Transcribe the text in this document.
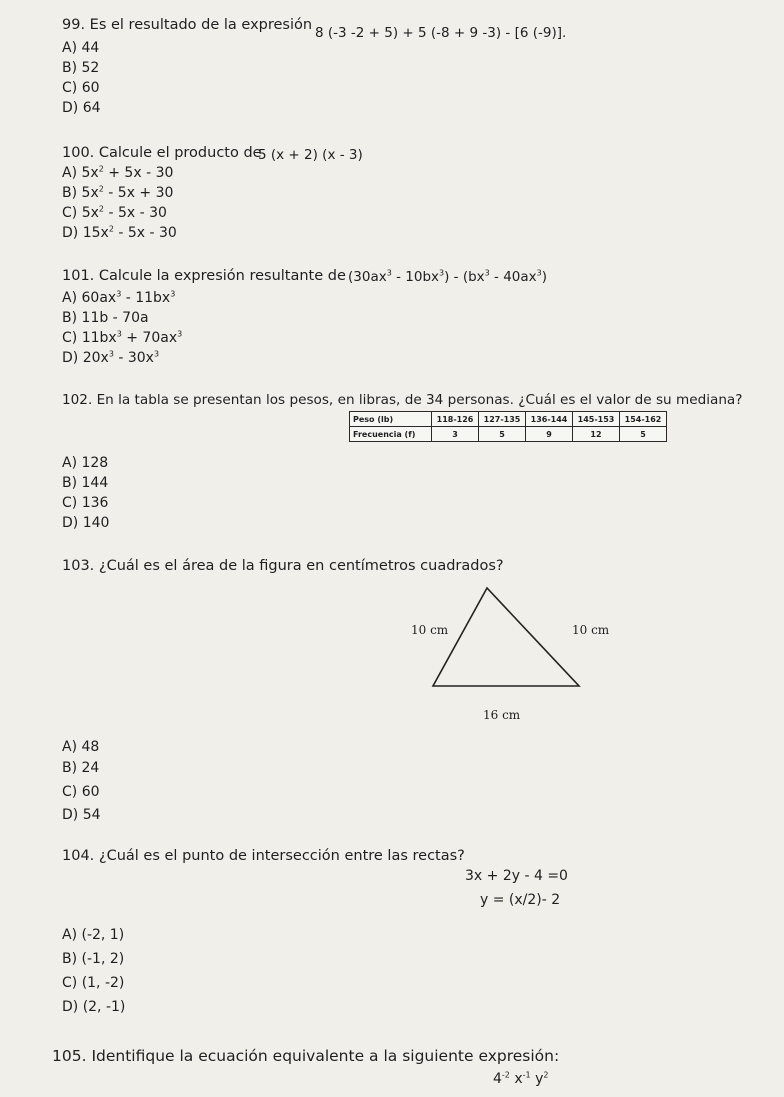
99. Es el resultado de la expresión 8 (-3 -2 + 5) + 5 (-8 + 9 -3) - [6 (-9)].
A) 44
B) 52
C) 60
D) 64
100. Calcule el producto de
5 (x + 2) (x - 3)
A) $5x^2 + 5x - 30$
B) $5x^2 - 5x + 30$
C) $5x^2 - 5x - 30$
D) $15x^2 - 5x - 30$
101. Calcule la expresión resultante de $(30ax^3 - 10bx^3) - (bx^3 - 40ax^3)$
A) $60ax^3 - 11bx^3$
B) 11b - 70a
C) $11bx^3 + 70ax^3$
D) $20x^3 - 30x^3$
102. En la tabla se presentan los pesos, en libras, de 34 personas. ¿Cuál es el valor de su mediana?
Peso (lb)	118-126	127-135	136-144	145-153	154-162
Frecuencia (f)	3	5	9	12	5
A) 128
B) 144
C) 136
D) 140
103. ¿Cuál es el área de la figura en centímetros cuadrados?
10 cm	10 cm
16 cm
A) 48
B) 24
C) 60
D) 54
104. ¿Cuál es el punto de intersección entre las rectas?
3x + 2y - 4 =0
y = (x/2)- 2
A) (-2, 1)
B) (-1, 2)
C) (1, -2)
D) (2, -1)
105. Identifique la ecuación equivalente a la siguiente expresión:
$4^{-2}$ $x^{-1}$ $y^2$
